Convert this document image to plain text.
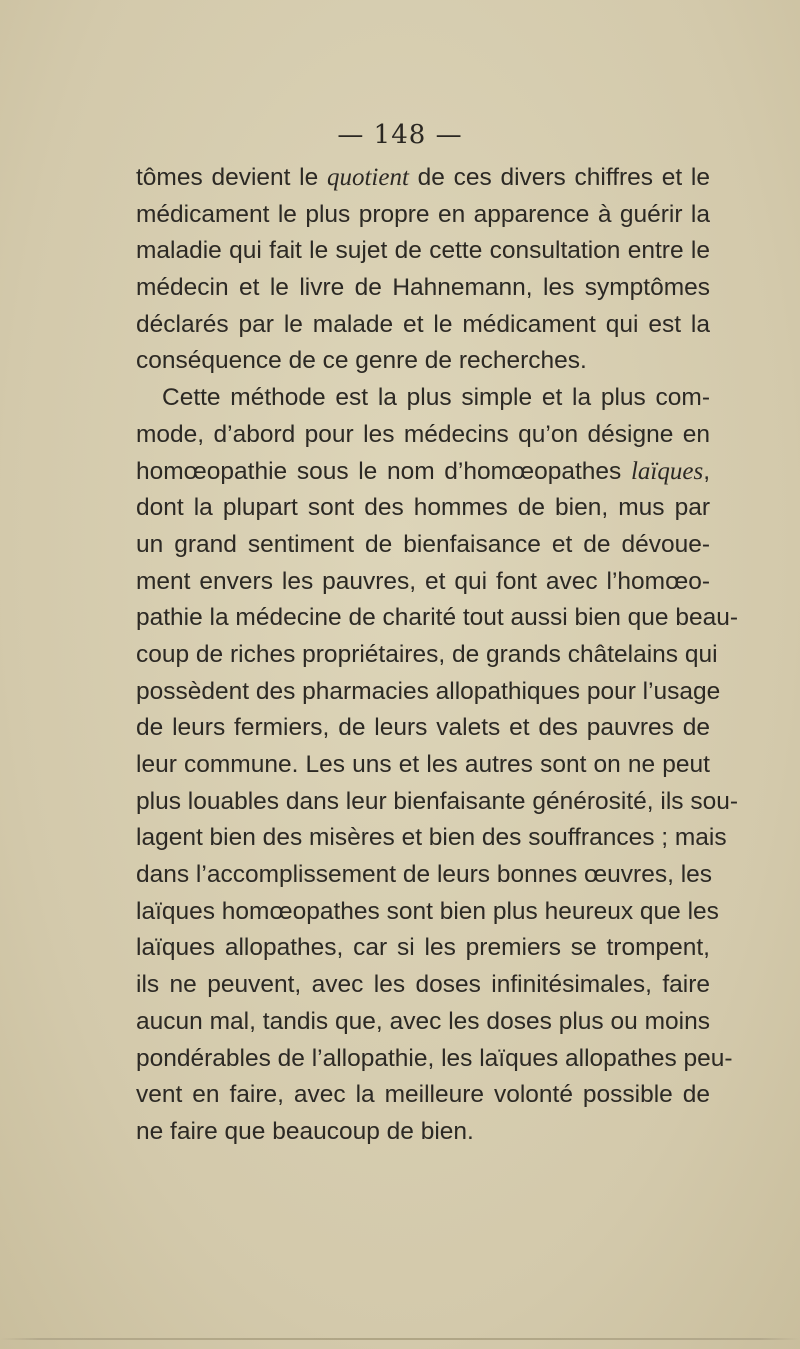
— 148 —
tômes devient le quotient de ces divers chiffres et le
médicament le plus propre en apparence à guérir la
maladie qui fait le sujet de cette consultation entre le
médecin et le livre de Hahnemann, les symptômes
déclarés par le malade et le médicament qui est la
conséquence de ce genre de recherches.
Cette méthode est la plus simple et la plus com-
mode, d’abord pour les médecins qu’on désigne en
homœopathie sous le nom d’homœopathes laïques,
dont la plupart sont des hommes de bien, mus par
un grand sentiment de bienfaisance et de dévoue-
ment envers les pauvres, et qui font avec l’homœo-
pathie la médecine de charité tout aussi bien que beau-
coup de riches propriétaires, de grands châtelains qui
possèdent des pharmacies allopathiques pour l’usage
de leurs fermiers, de leurs valets et des pauvres de
leur commune. Les uns et les autres sont on ne peut
plus louables dans leur bienfaisante générosité, ils sou-
lagent bien des misères et bien des souffrances ; mais
dans l’accomplissement de leurs bonnes œuvres, les
laïques homœopathes sont bien plus heureux que les
laïques allopathes, car si les premiers se trompent,
ils ne peuvent, avec les doses infinitésimales, faire
aucun mal, tandis que, avec les doses plus ou moins
pondérables de l’allopathie, les laïques allopathes peu-
vent en faire, avec la meilleure volonté possible de
ne faire que beaucoup de bien.
